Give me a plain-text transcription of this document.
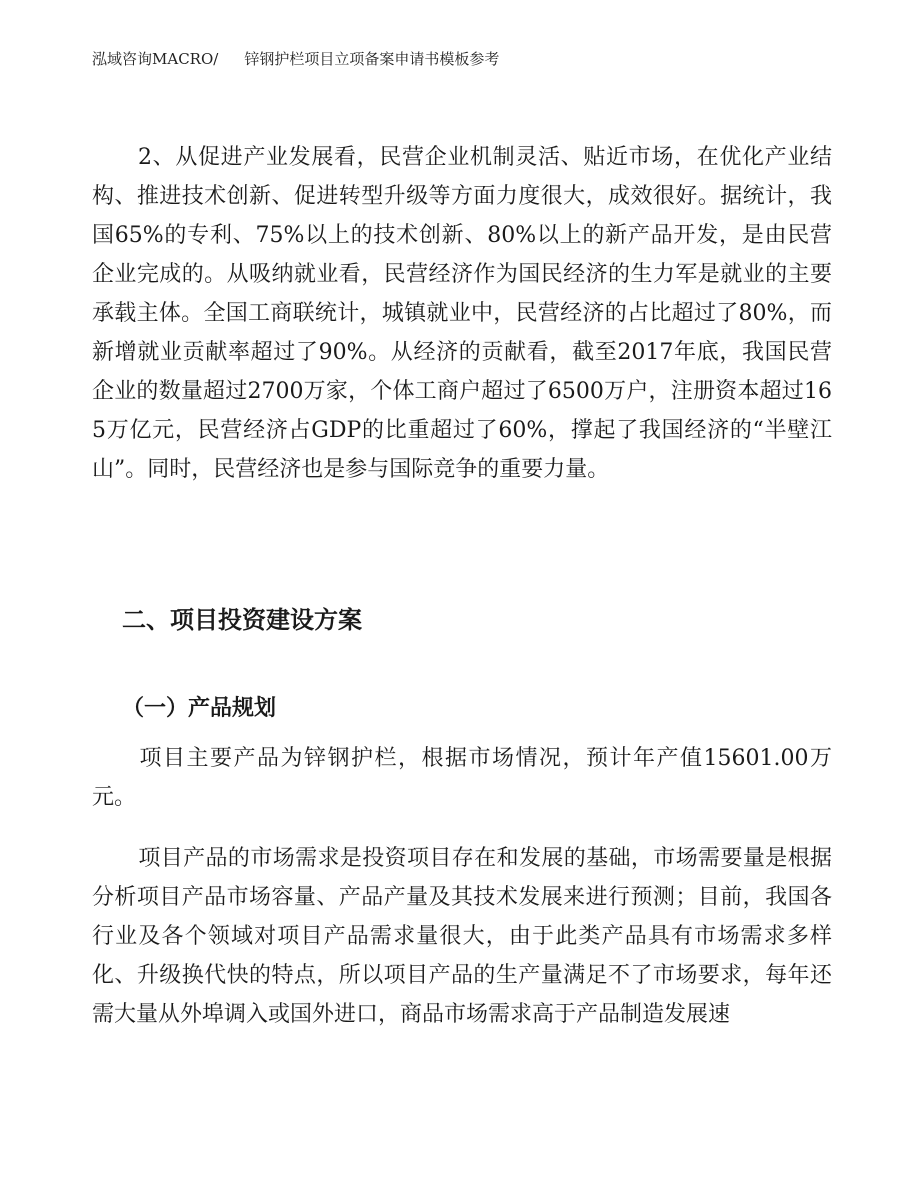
泓域咨询MACRO/ 锌钢护栏项目立项备案申请书模板参考

2、从促进产业发展看，民营企业机制灵活、贴近市场，在优化产业结构、推进技术创新、促进转型升级等方面力度很大，成效很好。据统计，我国65%的专利、75%以上的技术创新、80%以上的新产品开发，是由民营企业完成的。从吸纳就业看，民营经济作为国民经济的生力军是就业的主要承载主体。全国工商联统计，城镇就业中，民营经济的占比超过了80%，而新增就业贡献率超过了90%。从经济的贡献看，截至2017年底，我国民营企业的数量超过2700万家，个体工商户超过了6500万户，注册资本超过165万亿元，民营经济占GDP的比重超过了60%，撑起了我国经济的“半壁江山”。同时，民营经济也是参与国际竞争的重要力量。

二、项目投资建设方案
（一）产品规划

项目主要产品为锌钢护栏，根据市场情况，预计年产值15601.00万元。

项目产品的市场需求是投资项目存在和发展的基础，市场需要量是根据分析项目产品市场容量、产品产量及其技术发展来进行预测；目前，我国各行业及各个领域对项目产品需求量很大，由于此类产品具有市场需求多样化、升级换代快的特点，所以项目产品的生产量满足不了市场要求，每年还需大量从外埠调入或国外进口，商品市场需求高于产品制造发展速
